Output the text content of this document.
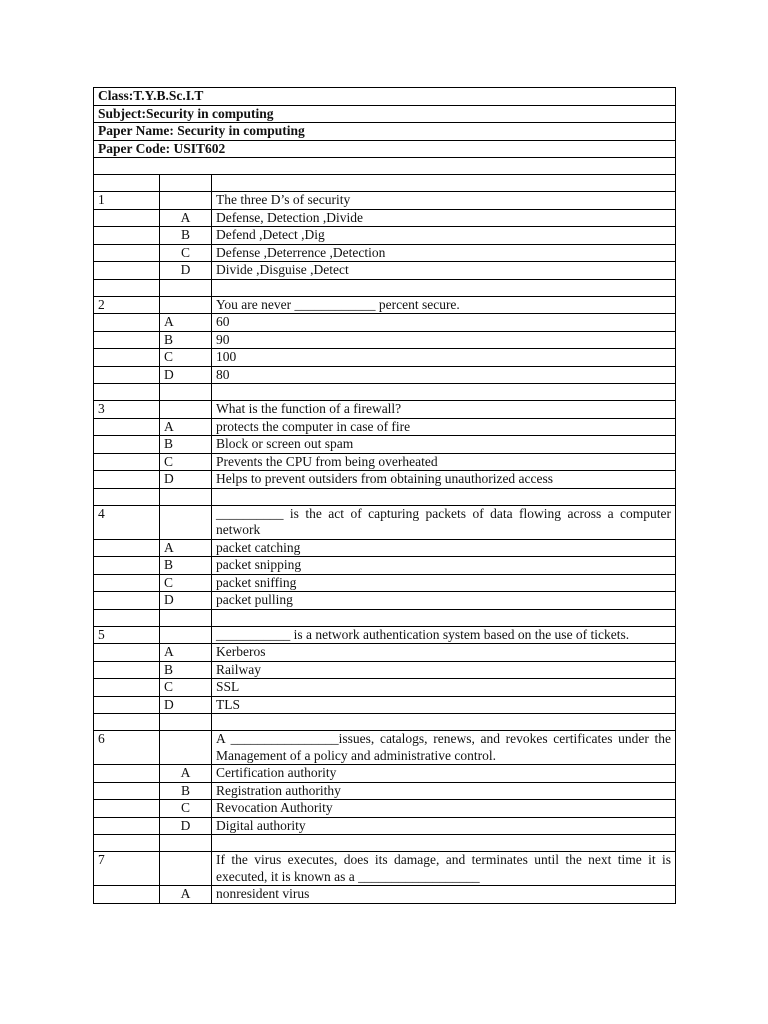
Class:T.Y.B.Sc.I.T		
Subject:Security in computing		
Paper Name: Security in computing		
Paper Code: USIT602		

1		The three D’s of security
	A	Defense, Detection ,Divide
	B	Defend ,Detect ,Dig
	C	Defense ,Deterrence ,Detection
	D	Divide ,Disguise ,Detect

2		You are never ____________ percent secure.
	A	60
	B	90
	C	100
	D	80

3		What is the function of a firewall?
	A	protects the computer in case of fire
	B	Block or screen out spam
	C	Prevents the CPU from being overheated
	D	Helps to prevent outsiders from obtaining unauthorized access

4		__________ is the act of capturing packets of data flowing across a computer network
	A	packet catching
	B	packet snipping
	C	packet sniffing
	D	packet pulling

5		___________ is a network authentication system based on the use of tickets.
	A	Kerberos
	B	Railway
	C	SSL
	D	TLS

6		A ________________issues, catalogs, renews, and revokes certificates under the Management of a policy and administrative control.
	A	Certification authority
	B	Registration authorithy
	C	Revocation Authority
	D	Digital authority

7		If the virus executes, does its damage, and terminates until the next time it is executed, it is known as a __________________
	A	nonresident virus
